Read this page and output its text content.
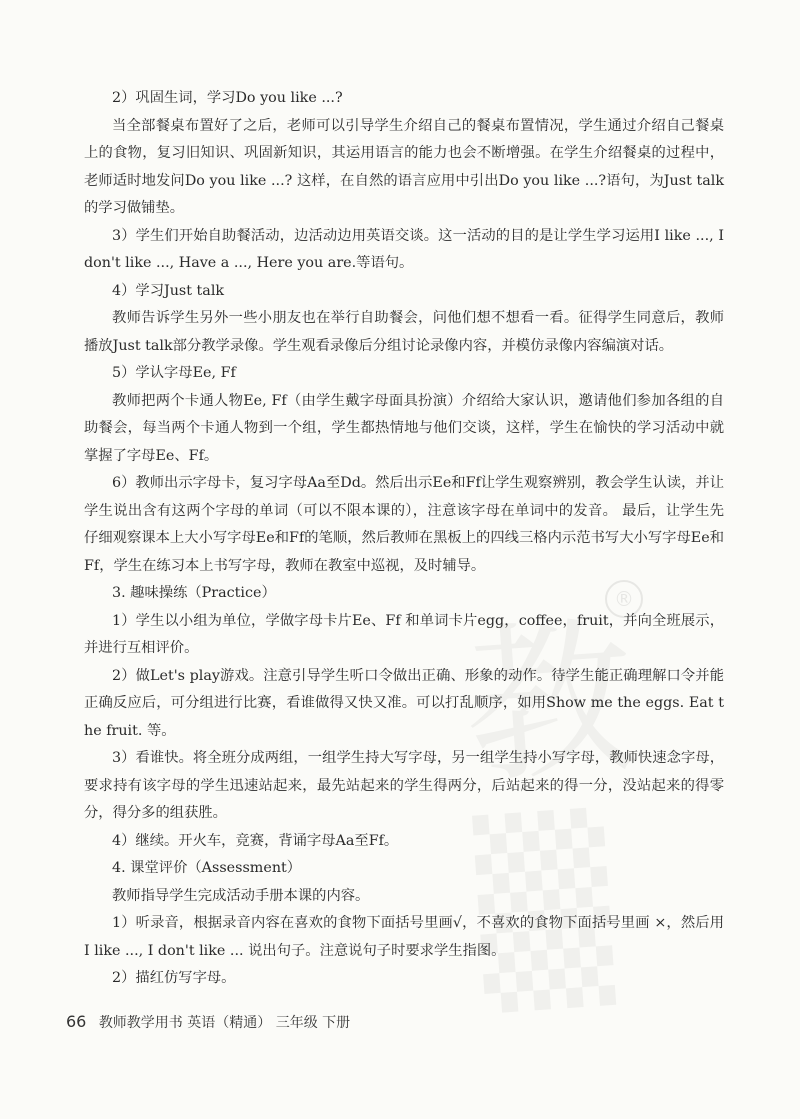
®

2）巩固生词，学习Do you like ...?

当全部餐桌布置好了之后，老师可以引导学生介绍自己的餐桌布置情况，学生通过介绍自己餐桌上的食物，复习旧知识、巩固新知识，其运用语言的能力也会不断增强。在学生介绍餐桌的过程中，老师适时地发问Do you like ...? 这样，在自然的语言应用中引出Do you like ...?语句，为Just talk 的学习做铺垫。

3）学生们开始自助餐活动，边活动边用英语交谈。这一活动的目的是让学生学习运用I like ..., I don't like ..., Have a ..., Here you are.等语句。

4）学习Just talk

教师告诉学生另外一些小朋友也在举行自助餐会，问他们想不想看一看。征得学生同意后，教师播放Just talk部分教学录像。学生观看录像后分组讨论录像内容，并模仿录像内容编演对话。

5）学认字母Ee, Ff

教师把两个卡通人物Ee, Ff（由学生戴字母面具扮演）介绍给大家认识，邀请他们参加各组的自助餐会，每当两个卡通人物到一个组，学生都热情地与他们交谈，这样，学生在愉快的学习活动中就掌握了字母Ee、Ff。

6）教师出示字母卡，复习字母Aa至Dd。然后出示Ee和Ff让学生观察辨别，教会学生认读，并让学生说出含有这两个字母的单词（可以不限本课的），注意该字母在单词中的发音。 最后，让学生先仔细观察课本上大小写字母Ee和Ff的笔顺，然后教师在黑板上的四线三格内示范书写大小写字母Ee和Ff，学生在练习本上书写字母，教师在教室中巡视，及时辅导。

3. 趣味操练（Practice）

1）学生以小组为单位，学做字母卡片Ee、Ff 和单词卡片egg，coffee，fruit，并向全班展示，并进行互相评价。

2）做Let's play游戏。注意引导学生听口令做出正确、形象的动作。待学生能正确理解口令并能正确反应后，可分组进行比赛，看谁做得又快又准。可以打乱顺序，如用Show me the eggs. Eat the fruit. 等。

3）看谁快。将全班分成两组，一组学生持大写字母，另一组学生持小写字母，教师快速念字母，要求持有该字母的学生迅速站起来，最先站起来的学生得两分，后站起来的得一分，没站起来的得零分，得分多的组获胜。

4）继续。开火车，竞赛，背诵字母Aa至Ff。

4. 课堂评价（Assessment）

教师指导学生完成活动手册本课的内容。

1）听录音，根据录音内容在喜欢的食物下面括号里画√，不喜欢的食物下面括号里画 ×，然后用I like ..., I don't like ... 说出句子。注意说句子时要求学生指图。

2）描红仿写字母。

66 教师教学用书 英语（精通） 三年级 下册
